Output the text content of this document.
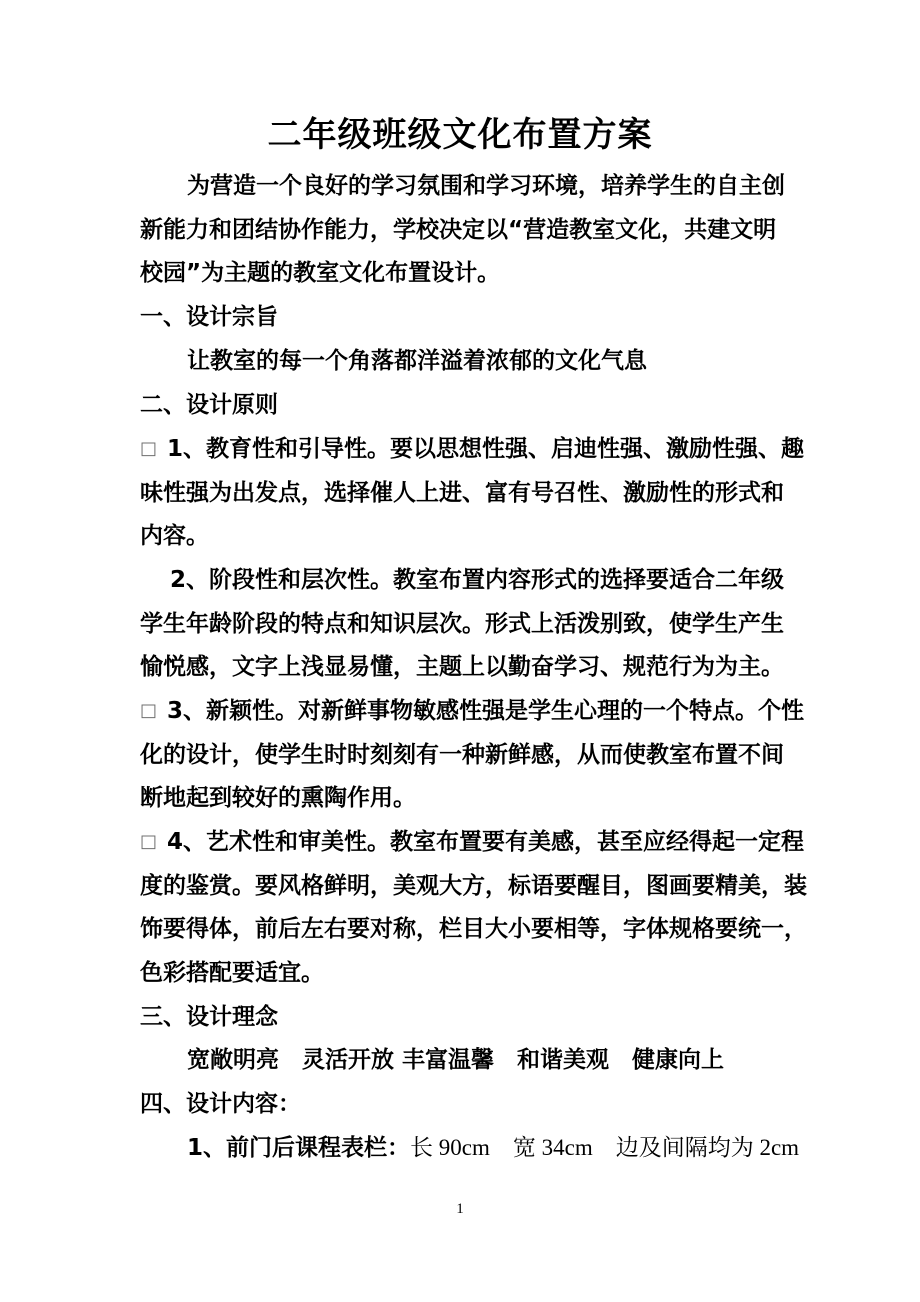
二年级班级文化布置方案
为营造一个良好的学习氛围和学习环境，培养学生的自主创
新能力和团结协作能力，学校决定以“营造教室文化，共建文明
校园”为主题的教室文化布置设计。
一、设计宗旨
让教室的每一个角落都洋溢着浓郁的文化气息
二、设计原则
□ 1、教育性和引导性。要以思想性强、启迪性强、激励性强、趣
味性强为出发点，选择催人上进、富有号召性、激励性的形式和
内容。
2、阶段性和层次性。教室布置内容形式的选择要适合二年级
学生年龄阶段的特点和知识层次。形式上活泼别致，使学生产生
愉悦感，文字上浅显易懂，主题上以勤奋学习、规范行为为主。
□ 3、新颖性。对新鲜事物敏感性强是学生心理的一个特点。个性
化的设计，使学生时时刻刻有一种新鲜感，从而使教室布置不间
断地起到较好的熏陶作用。
□ 4、艺术性和审美性。教室布置要有美感，甚至应经得起一定程
度的鉴赏。要风格鲜明，美观大方，标语要醒目，图画要精美，装
饰要得体，前后左右要对称，栏目大小要相等，字体规格要统一，
色彩搭配要适宜。
三、设计理念
宽敞明亮　灵活开放 丰富温馨　和谐美观　健康向上
四、设计内容：
1、前门后课程表栏：长 90cm　宽 34cm　边及间隔均为 2cm
1
